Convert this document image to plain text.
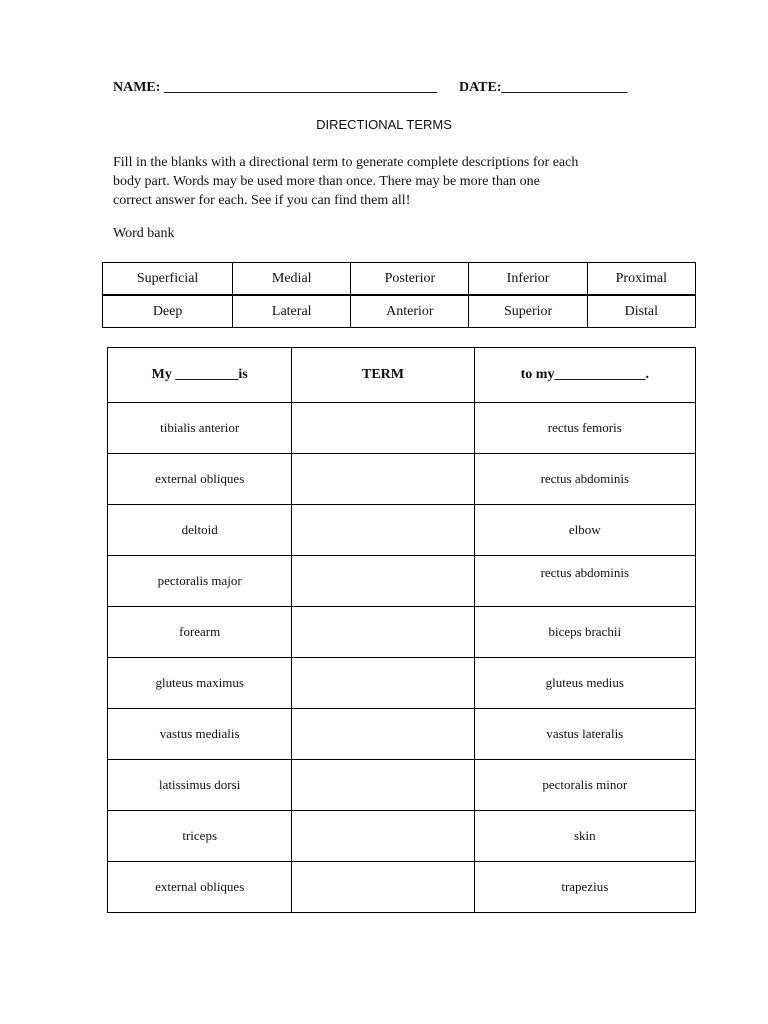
NAME: _______________________________________ DATE:__________________
DIRECTIONAL TERMS

Fill in the blanks with a directional term to generate complete descriptions for each

body part. Words may be used more than once. There may be more than one

correct answer for each. See if you can find them all!

Word bank
Superficial	Medial	Posterior	Inferior	Proximal
Deep	Lateral	Anterior	Superior	Distal
My _________is	TERM	to my_____________.
tibialis anterior		rectus femoris
external obliques		rectus abdominis
deltoid		elbow
pectoralis major		rectus abdominis
forearm		biceps brachii
gluteus maximus		gluteus medius
vastus medialis		vastus lateralis
latissimus dorsi		pectoralis minor
triceps		skin
external obliques		trapezius
